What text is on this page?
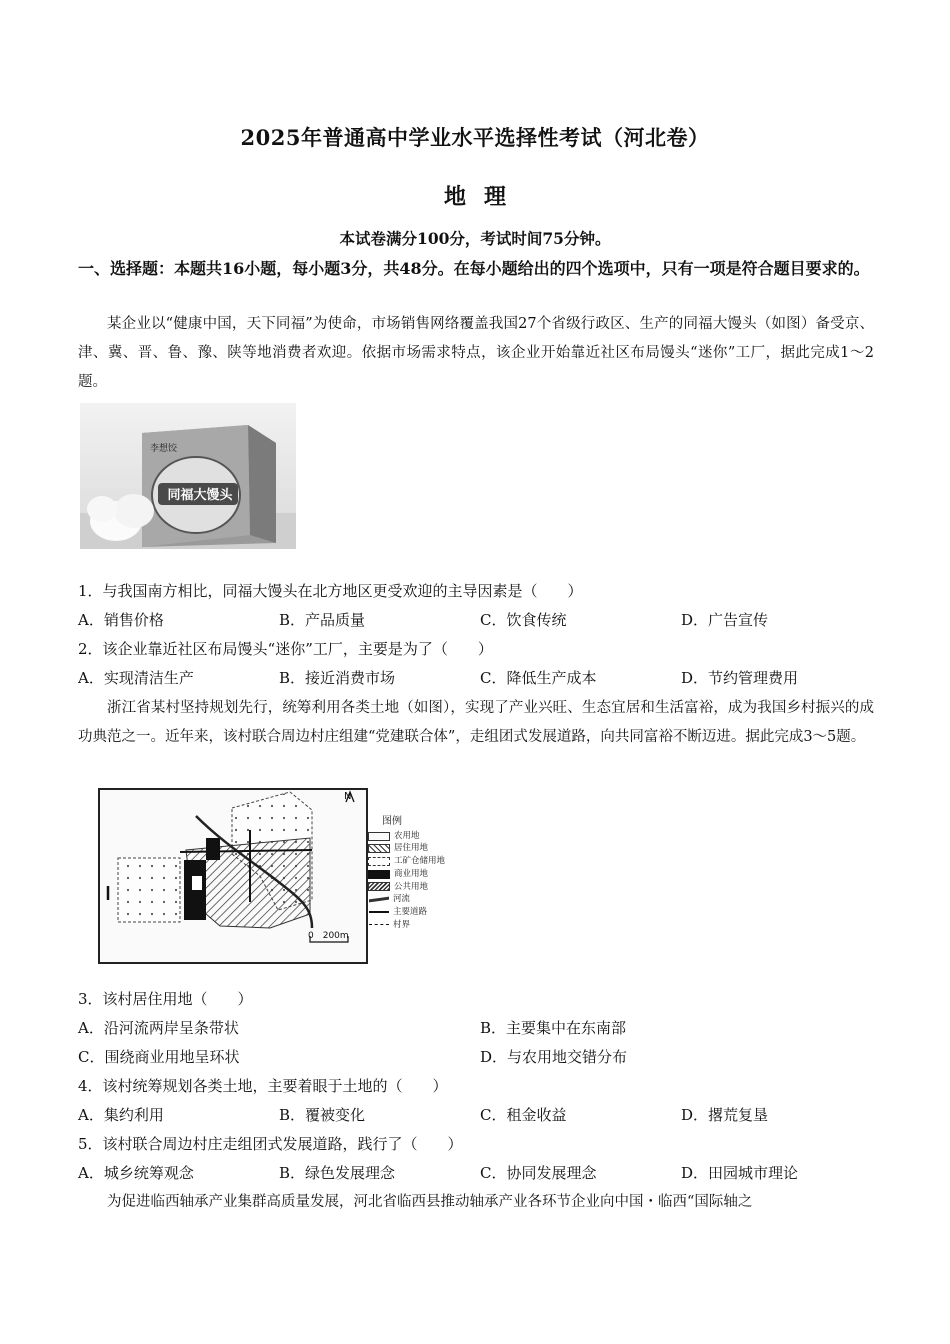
2025年普通高中学业水平选择性考试（河北卷）
地理
本试卷满分100分，考试时间75分钟。
一、选择题：本题共16小题，每小题3分，共48分。在每小题给出的四个选项中，只有一项是符合题目要求的。
某企业以“健康中国，天下同福”为使命，市场销售网络覆盖我国27个省级行政区、生产的同福大馒头（如图）备受京、津、冀、晋、鲁、豫、陕等地消费者欢迎。依据市场需求特点，该企业开始靠近社区布局馒头“迷你”工厂，据此完成1～2题。
李想饺
同福大馒头
1．与我国南方相比，同福大馒头在北方地区更受欢迎的主导因素是（　　）
A．销售价格	B．产品质量	C．饮食传统	D．广告宣传
2．该企业靠近社区布局馒头“迷你”工厂，主要是为了（　　）
A．实现清洁生产	B．接近消费市场	C．降低生产成本	D．节约管理费用
浙江省某村坚持规划先行，统筹利用各类土地（如图），实现了产业兴旺、生态宜居和生活富裕，成为我国乡村振兴的成功典范之一。近年来，该村联合周边村庄组建“党建联合体”，走组团式发展道路，向共同富裕不断迈进。据此完成3～5题。
N
0　200m
图例
农用地
居住用地
工矿仓储用地
商业用地
公共用地
河流
主要道路
村界
3．该村居住用地（　　）
A．沿河流两岸呈条带状	B．主要集中在东南部
C．围绕商业用地呈环状	D．与农用地交错分布
4．该村统筹规划各类土地，主要着眼于土地的（　　）
A．集约利用	B．覆被变化	C．租金收益	D．撂荒复垦
5．该村联合周边村庄走组团式发展道路，践行了（　　）
A．城乡统筹观念	B．绿色发展理念	C．协同发展理念	D．田园城市理论
为促进临西轴承产业集群高质量发展，河北省临西县推动轴承产业各环节企业向中国・临西“国际轴之
